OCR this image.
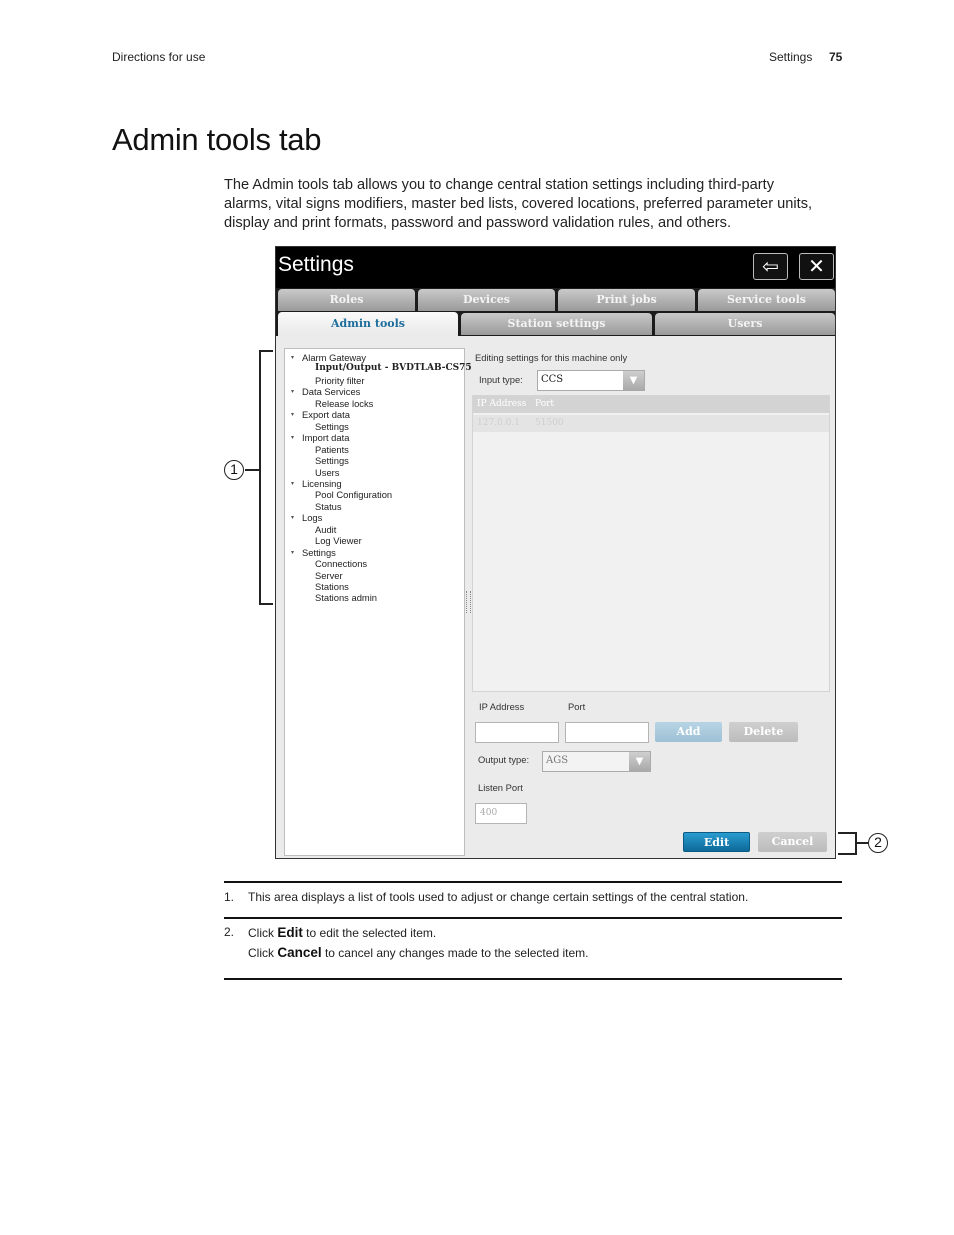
Directions for use	Settings 75
Admin tools tab
The Admin tools tab allows you to change central station settings including third-party alarms, vital signs modifiers, master bed lists, covered locations, preferred parameter units, display and print formats, password and password validation rules, and others.
Settings	⇦	✕
Roles	Devices	Print jobs	Service tools
Admin tools	Station settings	Users
▾ Alarm Gateway
Input/Output - BVDTLAB-CS75
Priority filter
▾ Data Services
Release locks
▾ Export data
Settings
▾ Import data
Patients
Settings
Users
▾ Licensing
Pool Configuration
Status
▾ Logs
Audit
Log Viewer
▾ Settings
Connections
Server
Stations
Stations admin
Editing settings for this machine only
Input type: CCS	▼
IP Address Port
127.0.0.1 51500
IP Address	Port
Add	Delete
Output type: AGS	▼
Listen Port
400
Edit	Cancel
1
2
1. This area displays a list of tools used to adjust or change certain settings of the central station.
2. Click Edit to edit the selected item.
Click Cancel to cancel any changes made to the selected item.
